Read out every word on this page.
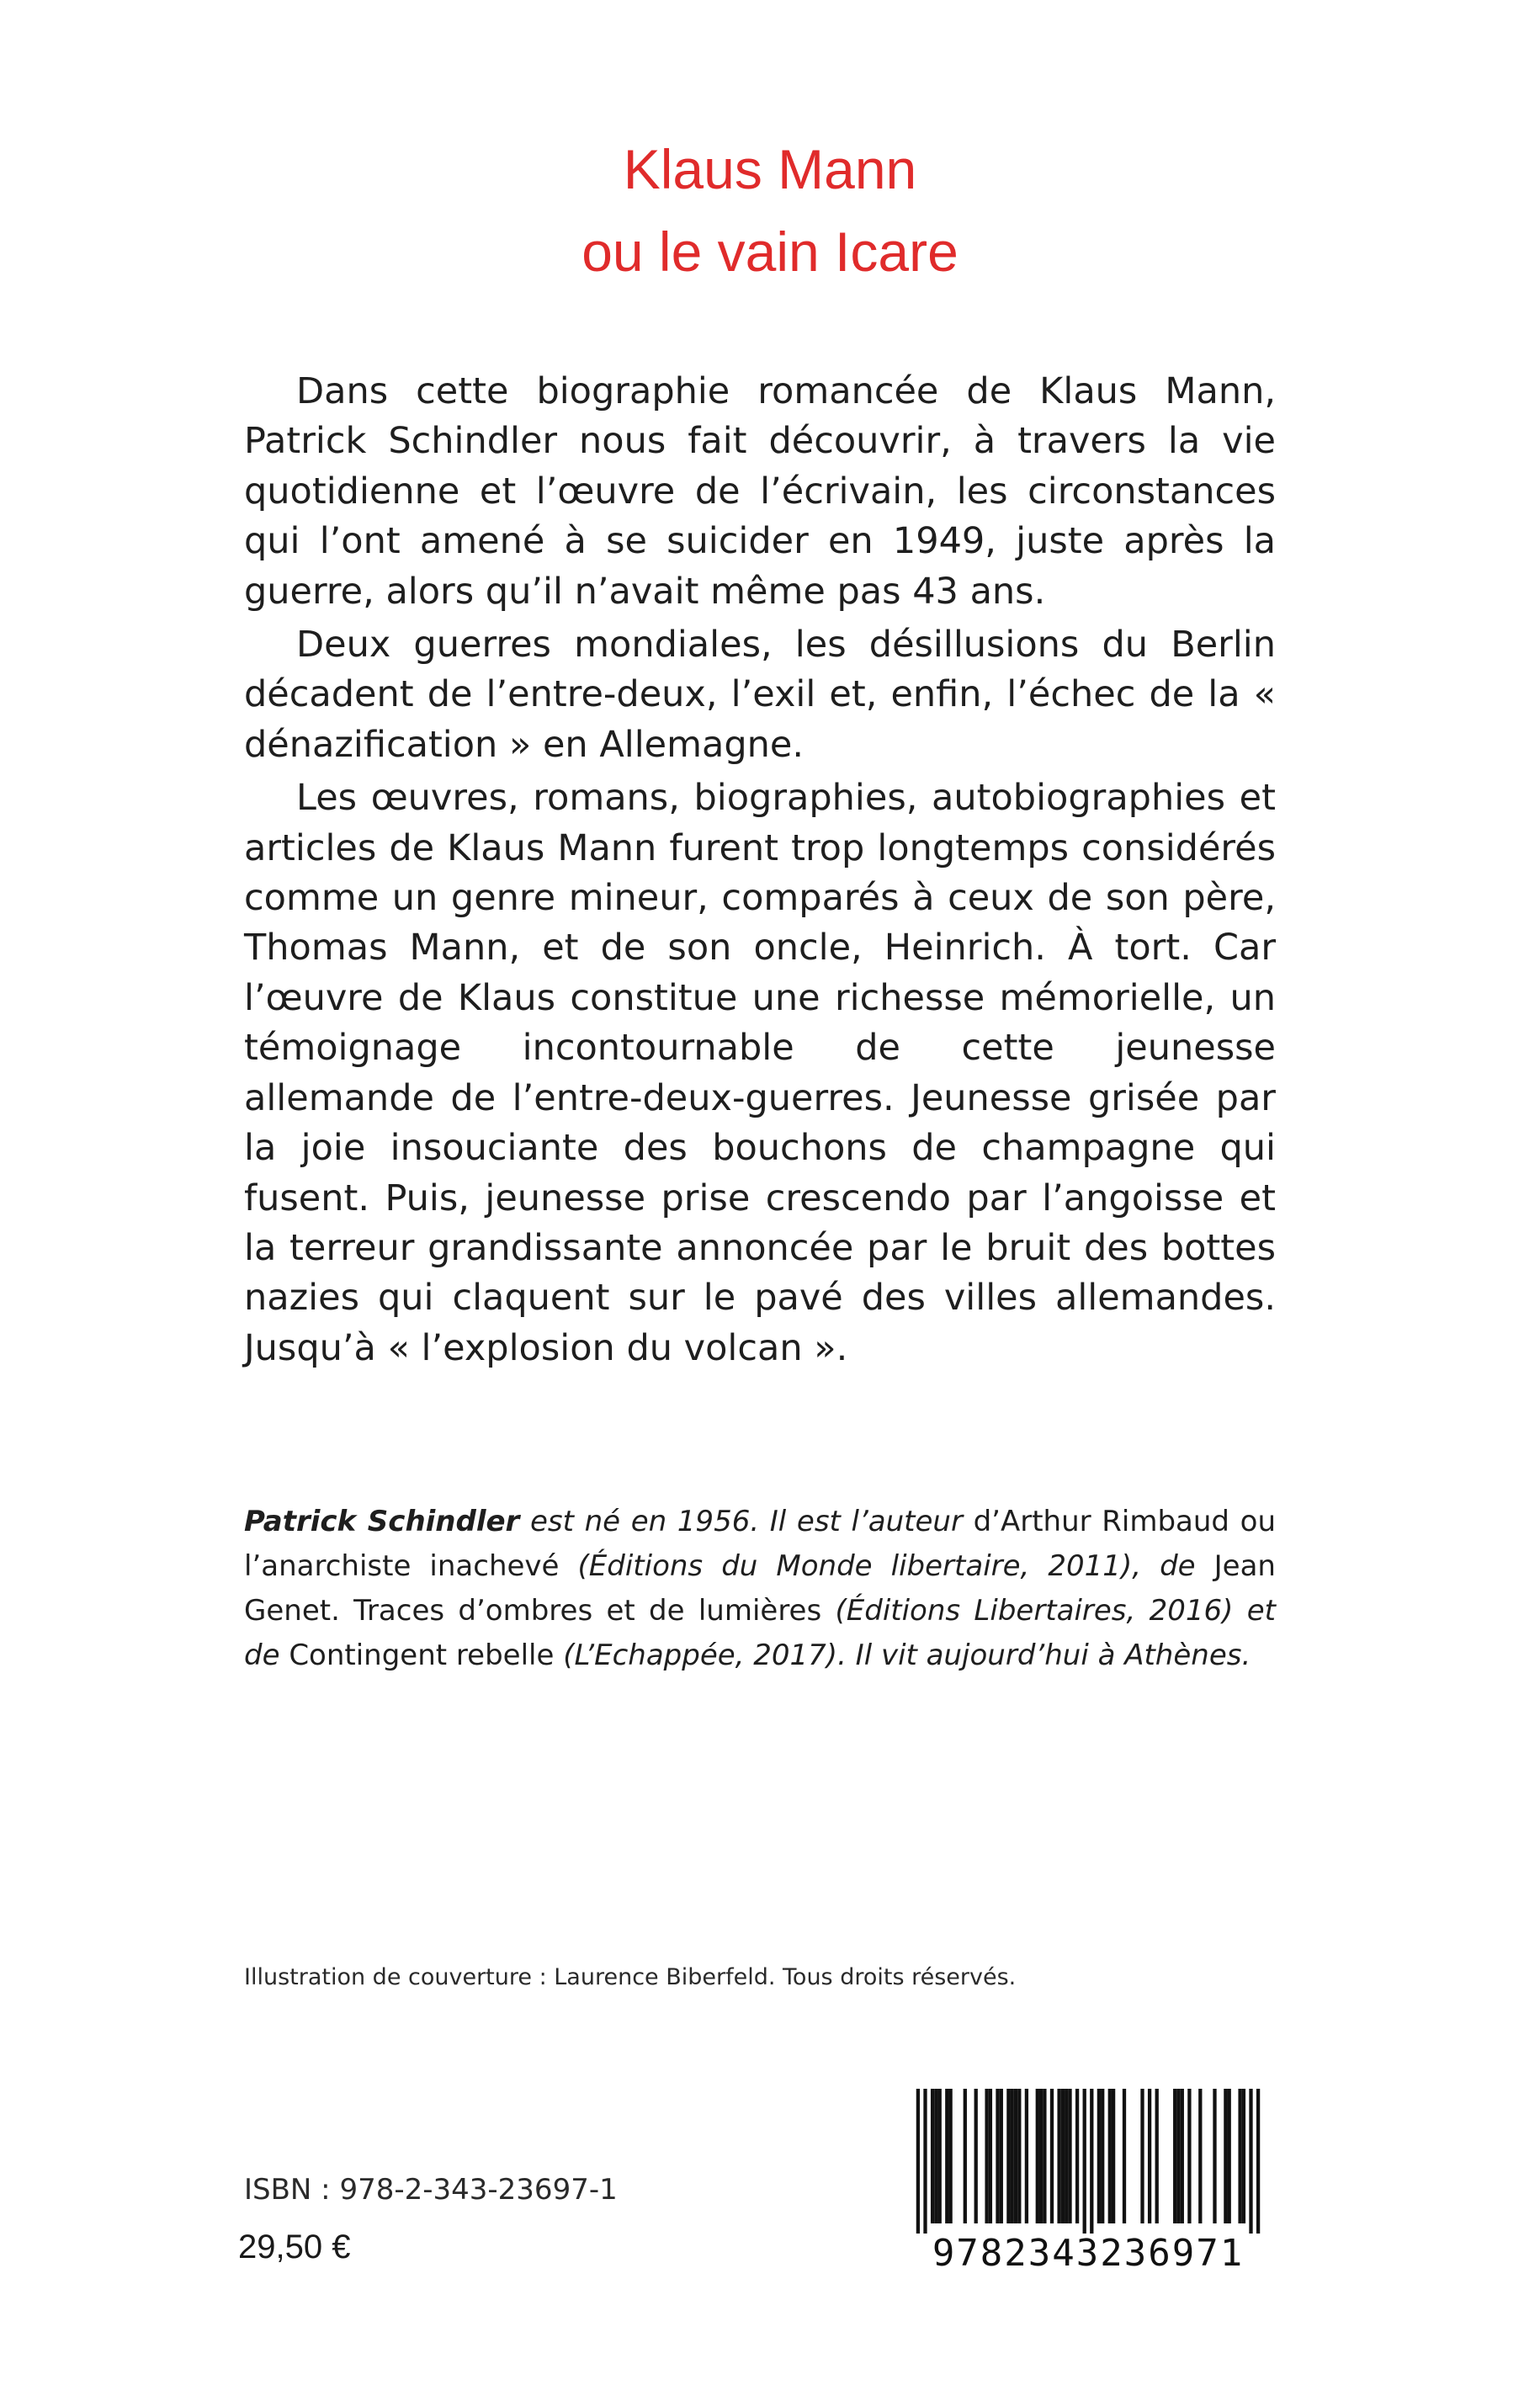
Klaus Mann
ou le vain Icare

Dans cette biographie romancée de Klaus Mann, Patrick Schindler nous fait découvrir, à travers la vie quotidienne et l’œuvre de l’écrivain, les circonstances qui l’ont amené à se suicider en 1949, juste après la guerre, alors qu’il n’avait même pas 43 ans.

Deux guerres mondiales, les désillusions du Berlin décadent de l’entre-deux, l’exil et, enfin, l’échec de la « dénazification » en Allemagne.

Les œuvres, romans, biographies, autobiographies et articles de Klaus Mann furent trop longtemps considérés comme un genre mineur, comparés à ceux de son père, Thomas Mann, et de son oncle, Heinrich. À tort. Car l’œuvre de Klaus constitue une richesse mémorielle, un témoignage incontournable de cette jeunesse allemande de l’entre-deux-guerres. Jeunesse grisée par la joie insouciante des bouchons de champagne qui fusent. Puis, jeunesse prise crescendo par l’angoisse et la terreur grandissante annoncée par le bruit des bottes nazies qui claquent sur le pavé des villes allemandes. Jusqu’à « l’explosion du volcan ».

Patrick Schindler est né en 1956. Il est l’auteur d’Arthur Rimbaud ou l’anarchiste inachevé (Éditions du Monde libertaire, 2011), de Jean Genet. Traces d’ombres et de lumières (Éditions Libertaires, 2016) et de Contingent rebelle (L’Echappée, 2017). Il vit aujourd’hui à Athènes.

Illustration de couverture : Laurence Biberfeld. Tous droits réservés.
ISBN : 978-2-343-23697-1
29,50 €	9782343236971
